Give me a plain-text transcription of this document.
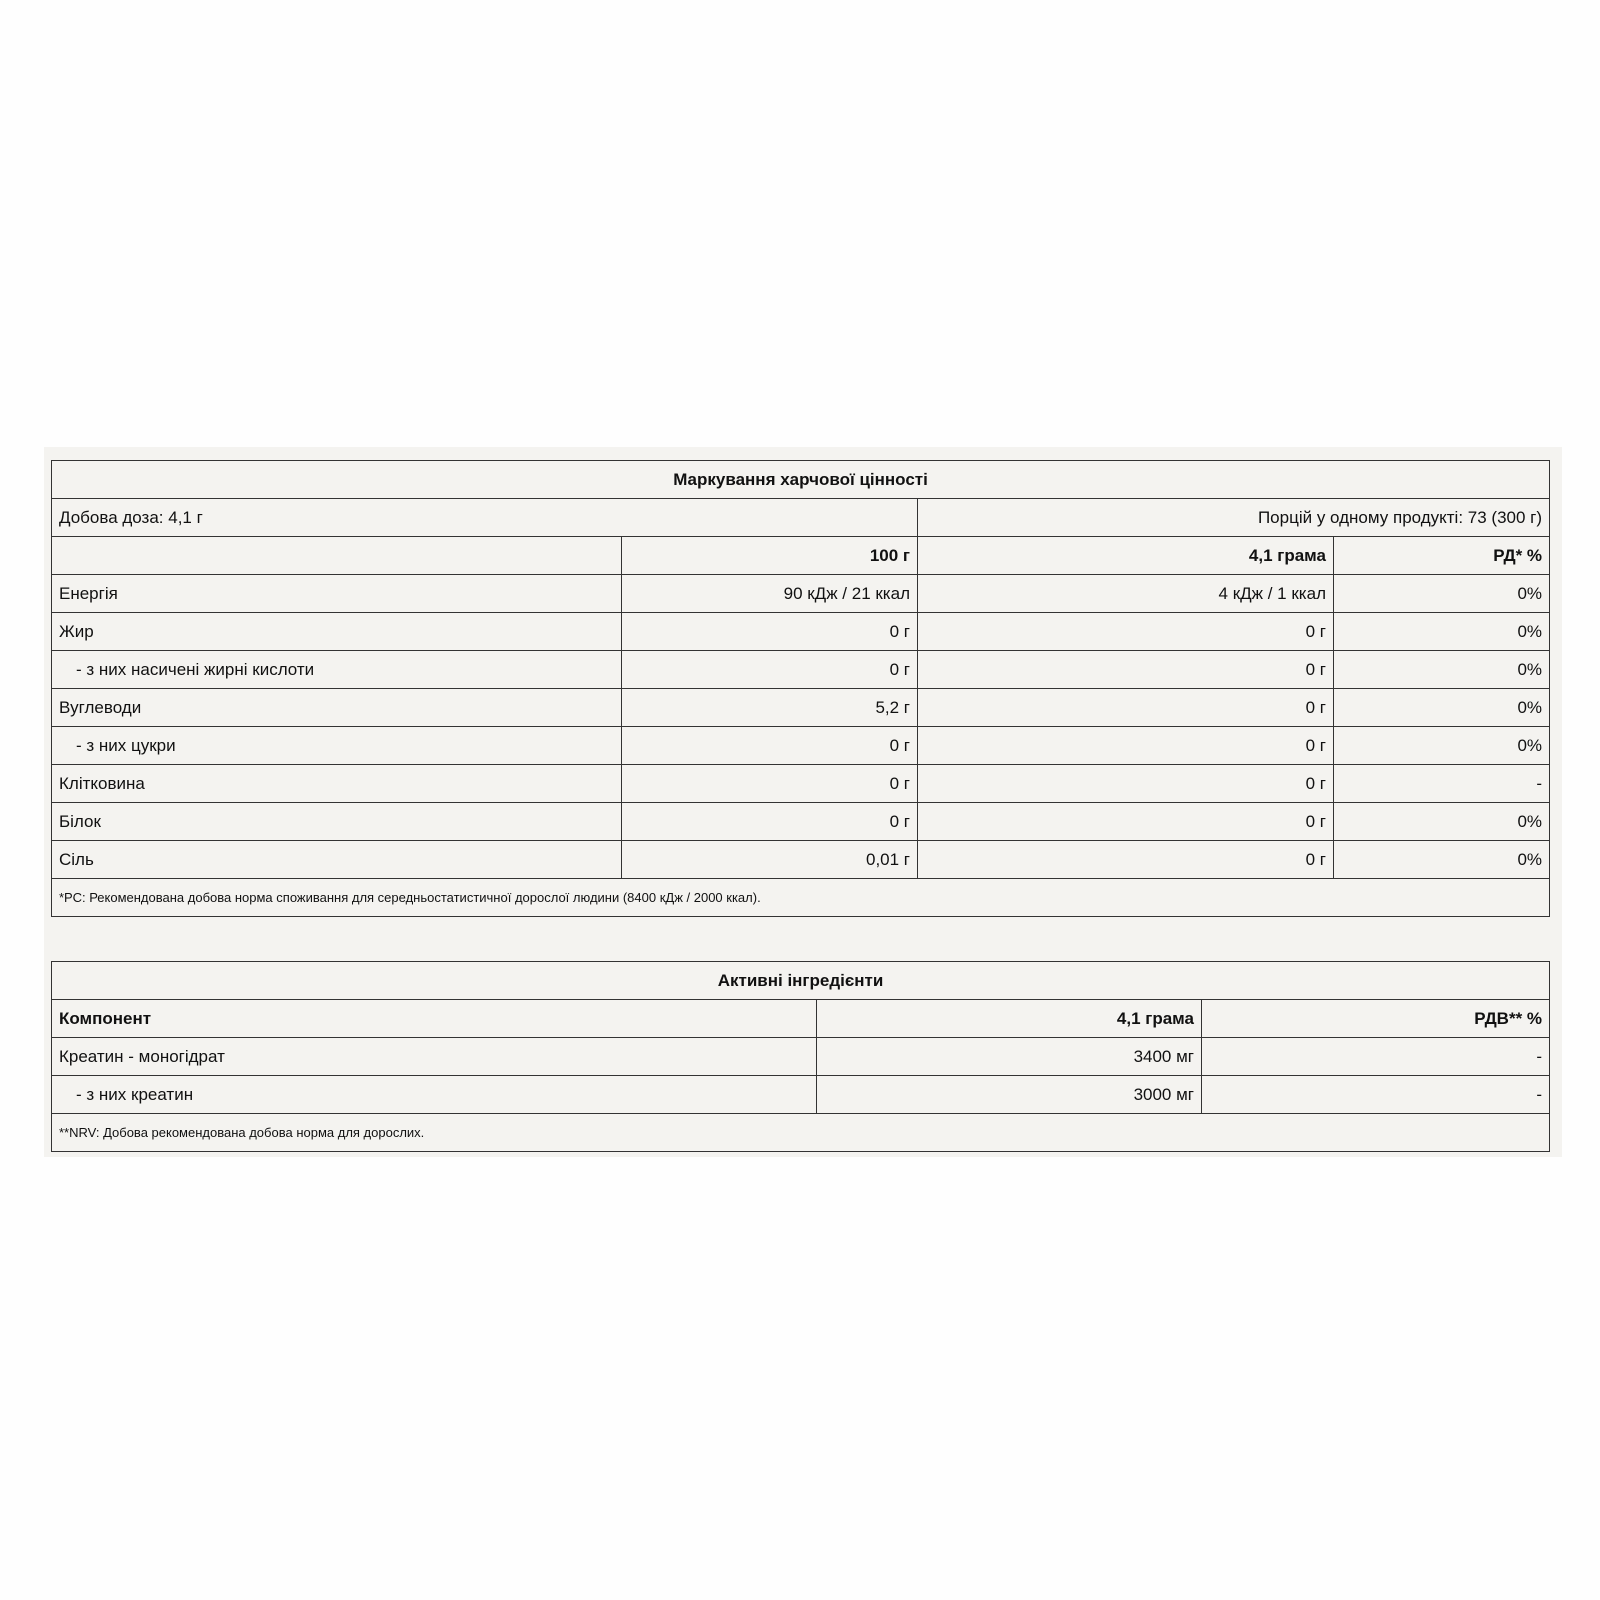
Маркування харчової цінності			
Добова доза: 4,1 г		Порцій у одному продукті: 73 (300 г)	
	100 г	4,1 грама	РД* %
Енергія	90 кДж / 21 ккал	4 кДж / 1 ккал	0%
Жир	0 г	0 г	0%
- з них насичені жирні кислоти	0 г	0 г	0%
Вуглеводи	5,2 г	0 г	0%
- з них цукри	0 г	0 г	0%
Клітковина	0 г	0 г	-
Білок	0 г	0 г	0%
Сіль	0,01 г	0 г	0%
*РС: Рекомендована добова норма споживання для середньостатистичної дорослої людини (8400 кДж / 2000 ккал).			
Активні інгредієнти		
Компонент	4,1 грама	РДВ** %
Креатин - моногідрат	3400 мг	-
- з них креатин	3000 мг	-
**NRV: Добова рекомендована добова норма для дорослих.		
